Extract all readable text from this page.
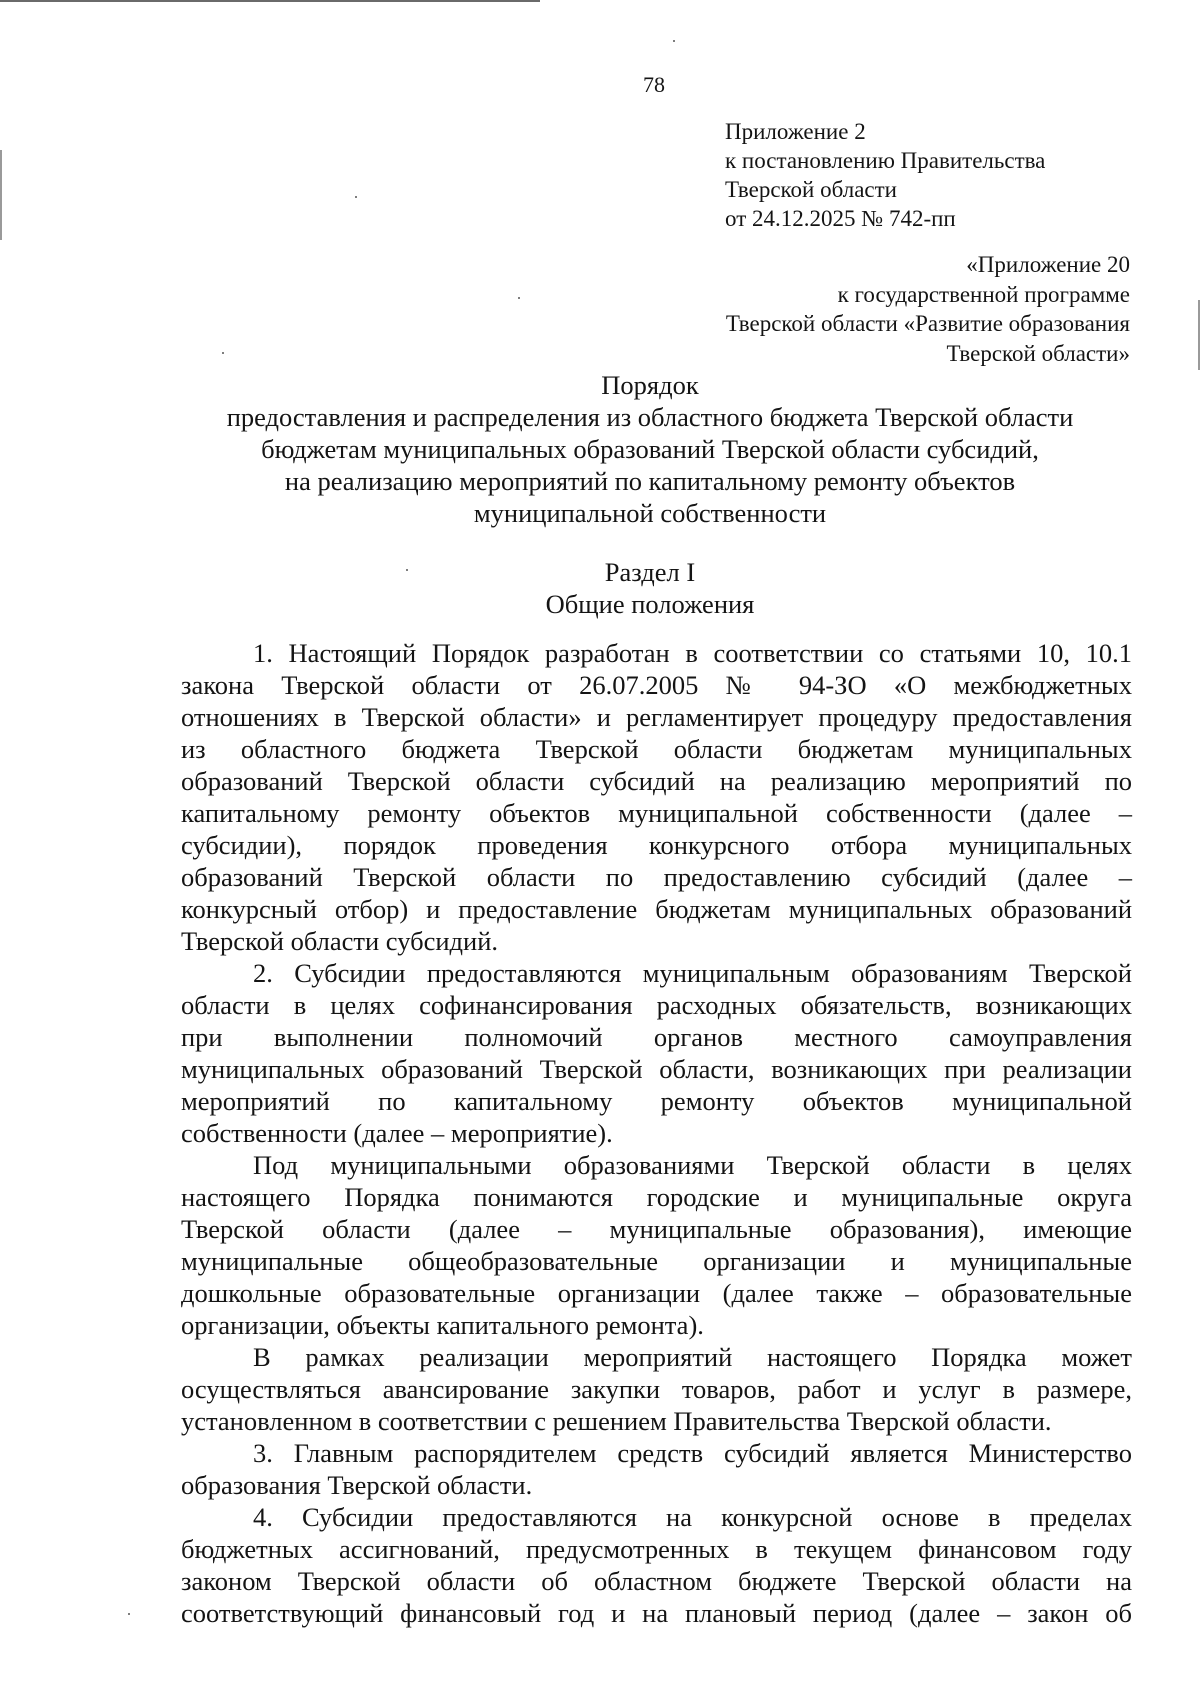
78
Приложение 2
к постановлению Правительства
Тверской области
от 24.12.2025 № 742-пп
«Приложение 20
к государственной программе
Тверской области «Развитие образования
Тверской области»
Порядок
предоставления и распределения из областного бюджета Тверской области
бюджетам муниципальных образований Тверской области субсидий,
на реализацию мероприятий по капитальному ремонту объектов
муниципальной собственности
Раздел I
Общие положения
1. Настоящий Порядок разработан в соответствии со статьями 10, 10.1
закона Тверской области от 26.07.2005 № 94-ЗО «О межбюджетных
отношениях в Тверской области» и регламентирует процедуру предоставления
из областного бюджета Тверской области бюджетам муниципальных
образований Тверской области субсидий на реализацию мероприятий по
капитальному ремонту объектов муниципальной собственности (далее –
субсидии), порядок проведения конкурсного отбора муниципальных
образований Тверской области по предоставлению субсидий (далее –
конкурсный отбор) и предоставление бюджетам муниципальных образований
Тверской области субсидий.
2. Субсидии предоставляются муниципальным образованиям Тверской
области в целях софинансирования расходных обязательств, возникающих
при выполнении полномочий органов местного самоуправления
муниципальных образований Тверской области, возникающих при реализации
мероприятий по капитальному ремонту объектов муниципальной
собственности (далее – мероприятие).
Под муниципальными образованиями Тверской области в целях
настоящего Порядка понимаются городские и муниципальные округа
Тверской области (далее – муниципальные образования), имеющие
муниципальные общеобразовательные организации и муниципальные
дошкольные образовательные организации (далее также – образовательные
организации, объекты капитального ремонта).
В рамках реализации мероприятий настоящего Порядка может
осуществляться авансирование закупки товаров, работ и услуг в размере,
установленном в соответствии с решением Правительства Тверской области.
3. Главным распорядителем средств субсидий является Министерство
образования Тверской области.
4. Субсидии предоставляются на конкурсной основе в пределах
бюджетных ассигнований, предусмотренных в текущем финансовом году
законом Тверской области об областном бюджете Тверской области на
соответствующий финансовый год и на плановый период (далее – закон об
